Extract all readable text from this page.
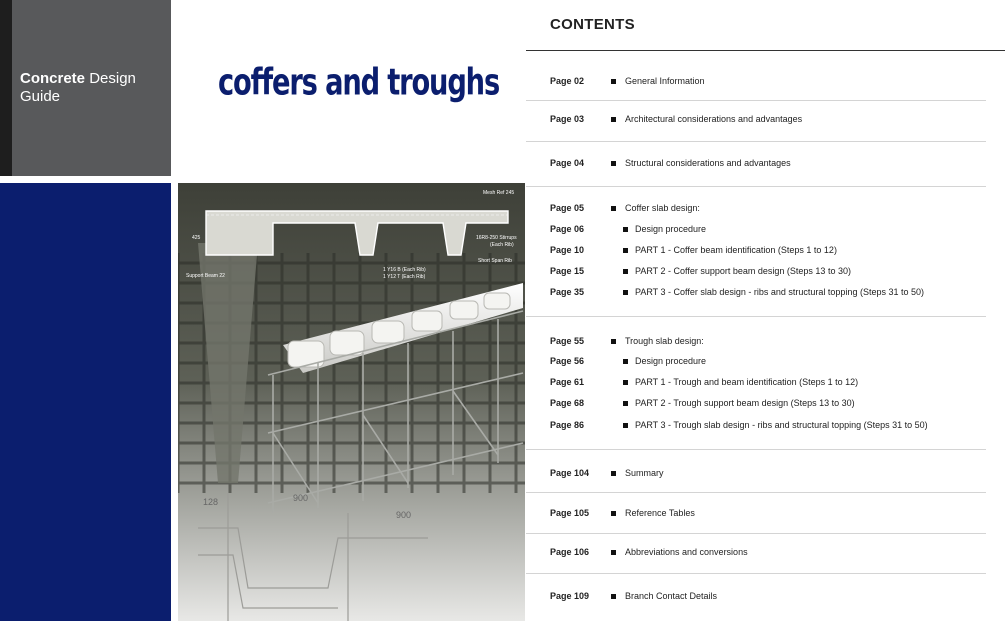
Concrete Design
Guide	coffers and troughs
Mesh Ref 245
16R8-250 Stirrups
(Each Rib)
Short Span Rib
Support Beam 22
1 Y16 B (Each Rib)
1 Y12 T (Each Rib)
425
128	900
900
CONTENTS
Page 02	General Information
Page 03	Architectural considerations and advantages
Page 04	Structural considerations and advantages
Page 05	Coffer slab design:
Page 06	Design procedure
Page 10	PART 1 - Coffer beam identification (Steps 1 to 12)
Page 15	PART 2 - Coffer support beam design (Steps 13 to 30)
Page 35	PART 3 - Coffer slab design - ribs and structural topping (Steps 31 to 50)
Page 55	Trough slab design:
Page 56	Design procedure
Page 61	PART 1 - Trough and beam identification (Steps 1 to 12)
Page 68	PART 2 - Trough support beam design (Steps 13 to 30)
Page 86	PART 3 - Trough slab design - ribs and structural topping (Steps 31 to 50)
Page 104	Summary
Page 105	Reference Tables
Page 106	Abbreviations and conversions
Page 109	Branch Contact Details
